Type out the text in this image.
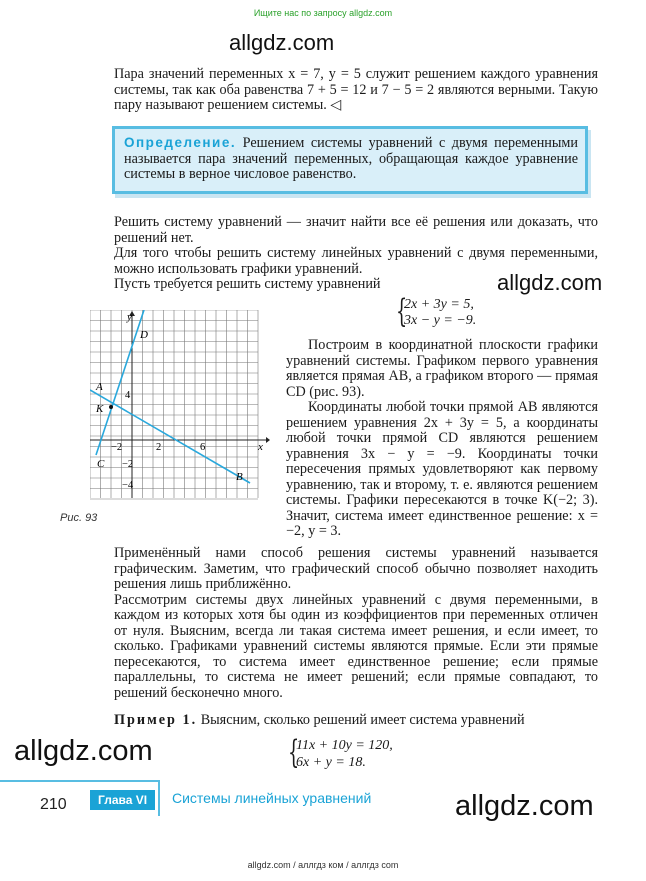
Ищите нас по запросу allgdz.com
allgdz.com
allgdz.com
allgdz.com
allgdz.com
Пара значений переменных x = 7, y = 5 служит решением каждого уравнения системы, так как оба равенства 7 + 5 = 12 и 7 − 5 = 2 являются верными. Такую пару называют решением системы. ◁
Определение. Решением системы уравнений с двумя переменными называется пара значений переменных, обращающая каждое уравнение системы в верное числовое равенство.
Решить систему уравнений — значит найти все её решения или доказать, что решений нет.
Для того чтобы решить систему линейных уравнений с двумя переменными, можно использовать графики уравнений.
Пусть требуется решить систему уравнений
{
2x + 3y = 5,
3x − y = −9.
y
x
D
A
K
C
B
−2	2	6
4
−2
−4
Рис. 93
Построим в координатной плоскости графики уравнений системы. Графиком первого уравнения является прямая AB, а графиком второго — прямая CD (рис. 93).
Координаты любой точки прямой AB являются решением уравнения 2x + 3y = 5, а координаты любой точки прямой CD являются решением уравнения 3x − y = −9. Координаты точки пересечения прямых удовлетворяют как первому уравнению, так и второму, т. е. являются решением системы. Графики пересекаются в точке K(−2; 3). Значит, система имеет единственное решение: x = −2, y = 3.
Применённый нами способ решения системы уравнений называется графическим. Заметим, что графический способ обычно позволяет находить решения лишь приближённо.
Рассмотрим системы двух линейных уравнений с двумя переменными, в каждом из которых хотя бы один из коэффициентов при переменных отличен от нуля. Выясним, всегда ли такая система имеет решения, и если имеет, то сколько. Графиками уравнений системы являются прямые. Если эти прямые пересекаются, то система имеет единственное решение; если прямые параллельны, то система не имеет решений; если прямые совпадают, то решений бесконечно много.
Пример 1. Выясним, сколько решений имеет система уравнений
{
11x + 10y = 120,
6x + y = 18.
210	Глава VI	Системы линейных уравнений
allgdz.com / аллгдз ком / аллгдз com
